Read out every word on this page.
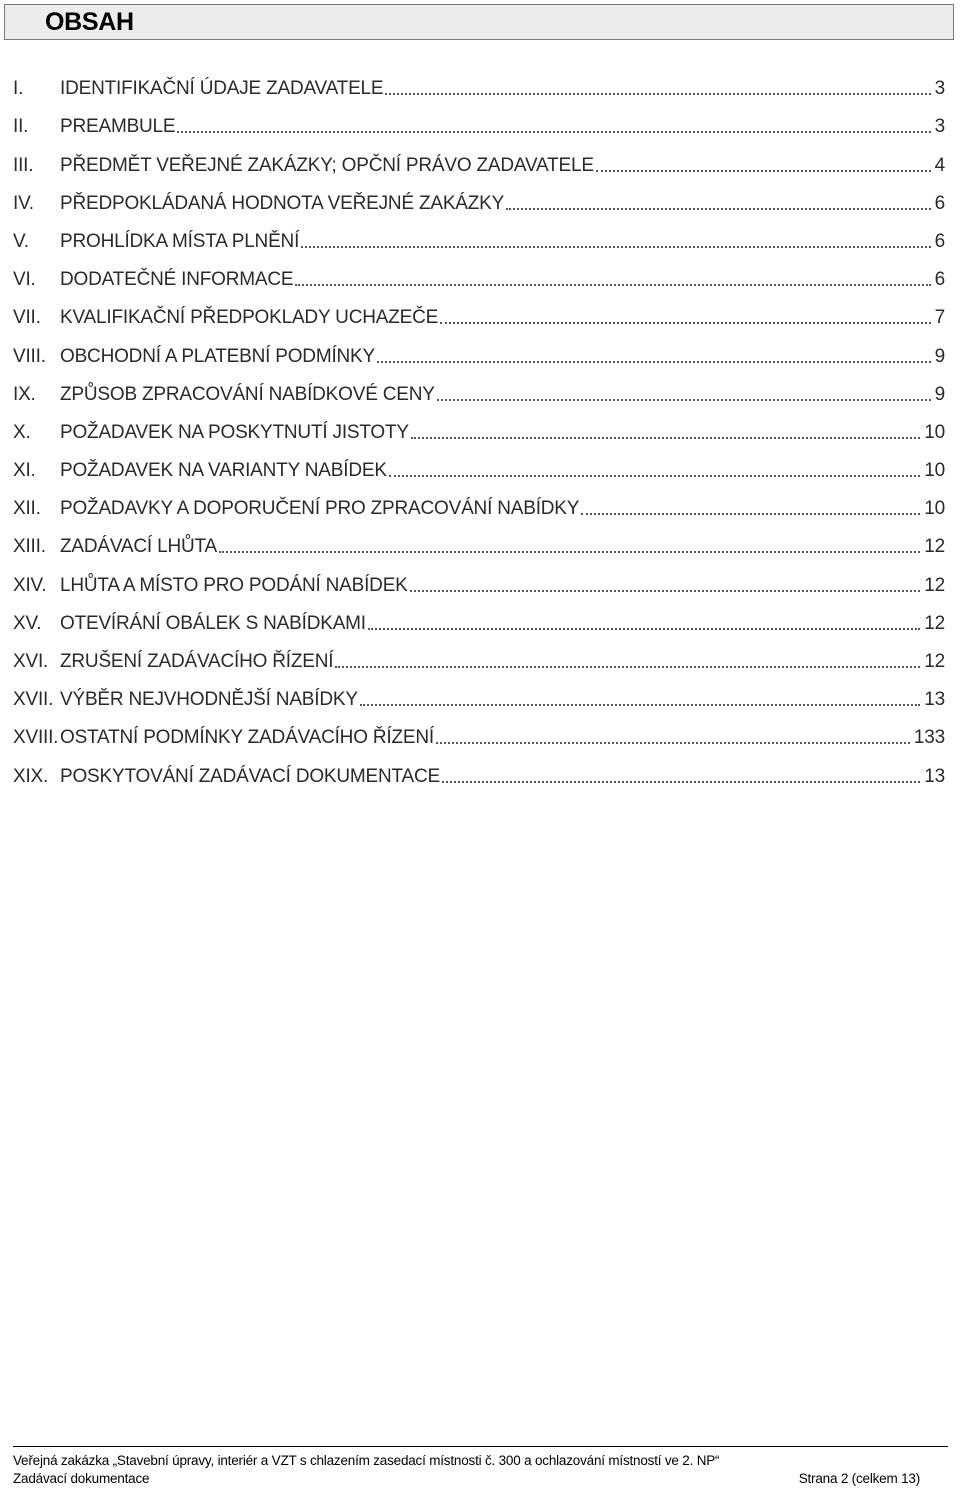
OBSAH
I.	IDENTIFIKAČNÍ ÚDAJE ZADAVATELE	3
II.	PREAMBULE	3
III.	PŘEDMĚT VEŘEJNÉ ZAKÁZKY; OPČNÍ PRÁVO ZADAVATELE	4
IV.	PŘEDPOKLÁDANÁ HODNOTA VEŘEJNÉ ZAKÁZKY	6
V.	PROHLÍDKA MÍSTA PLNĚNÍ	6
VI.	DODATEČNÉ INFORMACE	6
VII.	KVALIFIKAČNÍ PŘEDPOKLADY UCHAZEČE	7
VIII. OBCHODNÍ A PLATEBNÍ PODMÍNKY	9
IX.	ZPŮSOB ZPRACOVÁNÍ NABÍDKOVÉ CENY	9
X.	POŽADAVEK NA POSKYTNUTÍ JISTOTY	10
XI.	POŽADAVEK NA VARIANTY NABÍDEK	10
XII.	POŽADAVKY A DOPORUČENÍ PRO ZPRACOVÁNÍ NABÍDKY	10
XIII. ZADÁVACÍ LHŮTA	12
XIV. LHŮTA A MÍSTO PRO PODÁNÍ NABÍDEK	12
XV. OTEVÍRÁNÍ OBÁLEK S NABÍDKAMI	12
XVI. ZRUŠENÍ ZADÁVACÍHO ŘÍZENÍ	12
XVII. VÝBĚR NEJVHODNĚJŠÍ NABÍDKY	13
XVIII. OSTATNÍ PODMÍNKY ZADÁVACÍHO ŘÍZENÍ	133
XIX. POSKYTOVÁNÍ ZADÁVACÍ DOKUMENTACE	13
Veřejná zakázka „Stavební úpravy, interiér a VZT s chlazením zasedací místnosti č. 300 a ochlazování místností ve 2. NP“
Zadávací dokumentace	Strana 2 (celkem 13)
